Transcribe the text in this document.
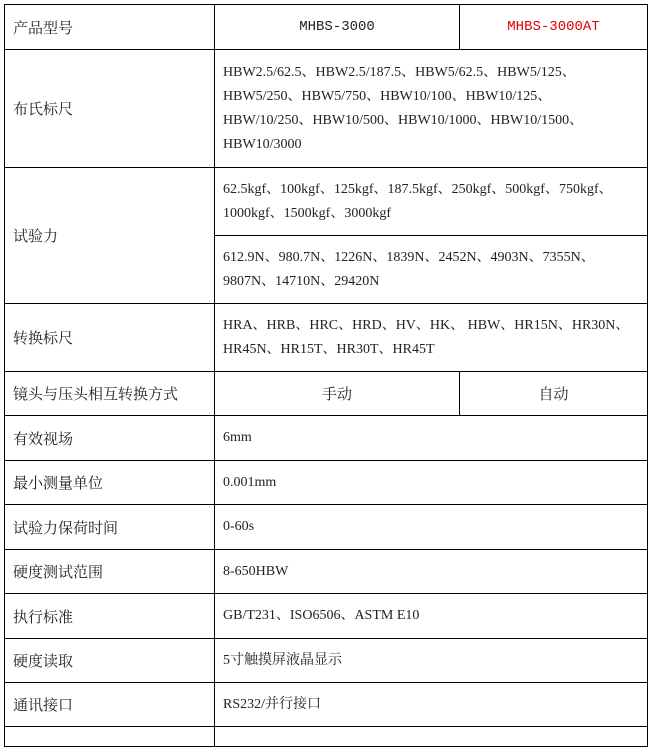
产品型号	MHBS-3000	MHBS-3000AT
布氏标尺	HBW2.5/62.5、HBW2.5/187.5、HBW5/62.5、HBW5/125、HBW5/250、HBW5/750、HBW10/100、HBW10/125、HBW/10/250、HBW10/500、HBW10/1000、HBW10/1500、HBW10/3000	
试验力	62.5kgf、100kgf、125kgf、187.5kgf、250kgf、500kgf、750kgf、1000kgf、1500kgf、3000kgf	
	612.9N、980.7N、1226N、1839N、2452N、4903N、7355N、9807N、14710N、29420N	
转换标尺	HRA、HRB、HRC、HRD、HV、HK、 HBW、HR15N、HR30N、HR45N、HR15T、HR30T、HR45T	
镜头与压头相互转换方式	手动	自动
有效视场	6mm	
最小测量单位	0.001mm	
试验力保荷时间	0-60s	
硬度测试范围	8-650HBW	
执行标准	GB/T231、ISO6506、ASTM E10	
硬度读取	5寸触摸屏液晶显示	
通讯接口	RS232/并行接口	
